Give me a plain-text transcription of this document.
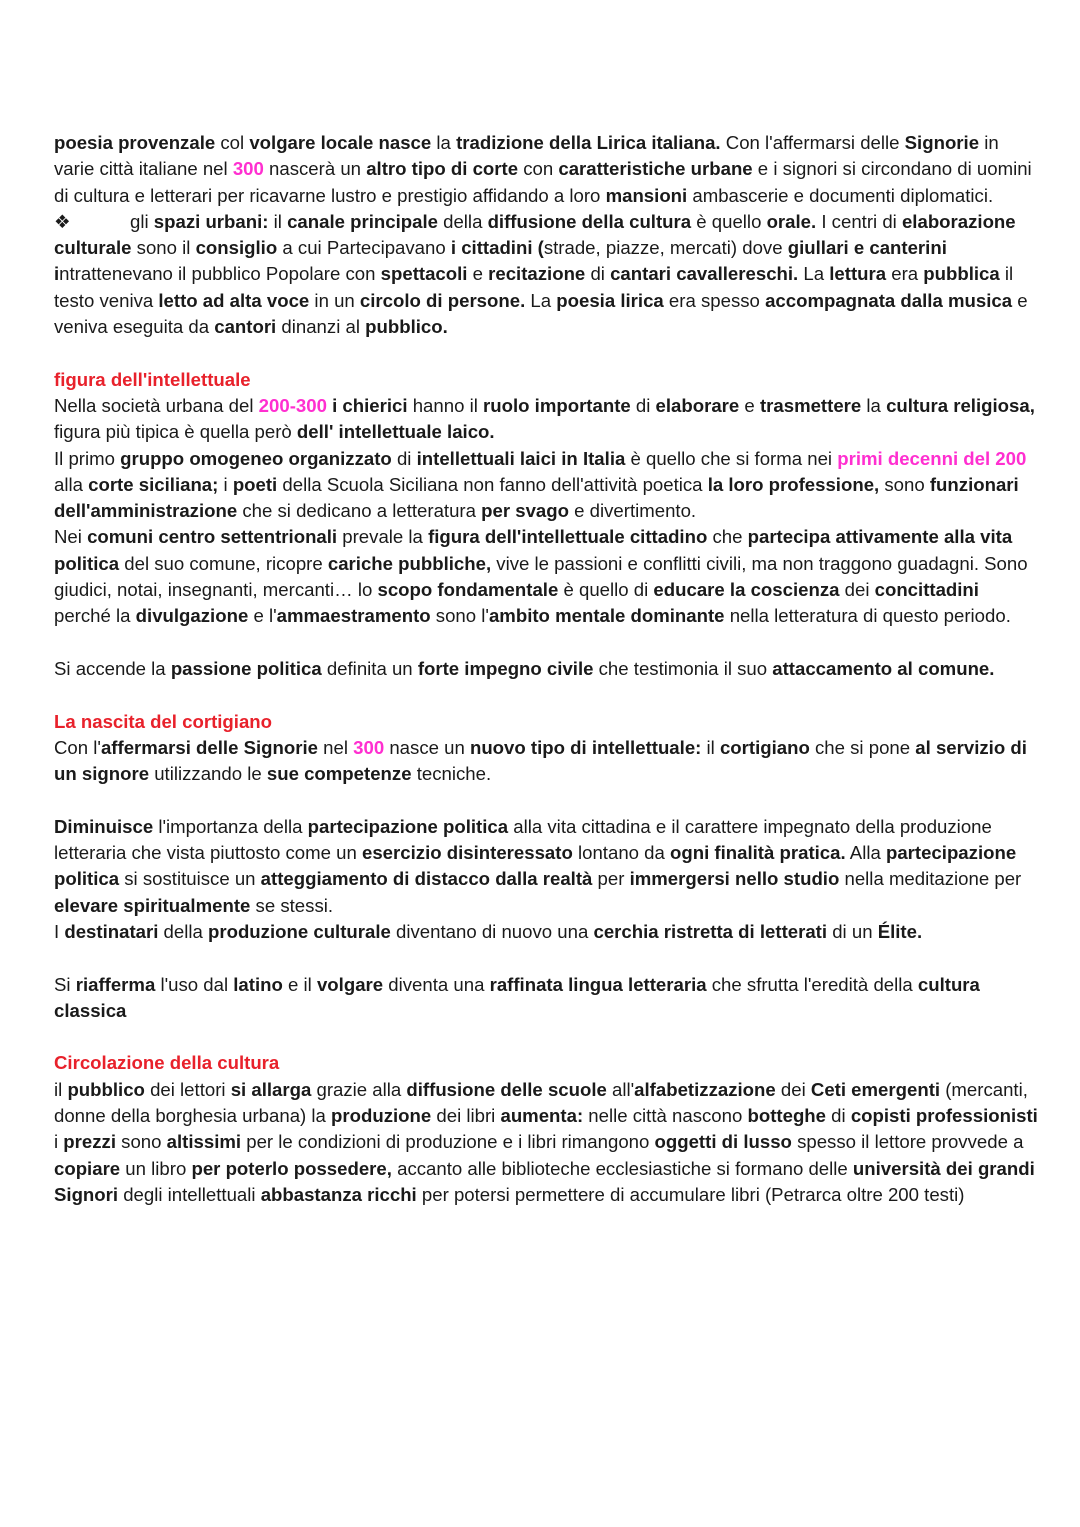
poesia provenzale col volgare locale nasce la tradizione della Lirica italiana. Con l'affermarsi delle Signorie in varie città italiane nel 300 nascerà un altro tipo di corte con caratteristiche urbane e i signori si circondano di uomini di cultura e letterari per ricavarne lustro e prestigio affidando a loro mansioni ambascerie e documenti diplomatici.

❖	gli spazi urbani: il canale principale della diffusione della cultura è quello orale. I centri di elaborazione culturale sono il consiglio a cui Partecipavano i cittadini (strade, piazze, mercati) dove giullari e canterini intrattenevano il pubblico Popolare con spettacoli e recitazione di cantari cavallereschi. La lettura era pubblica il testo veniva letto ad alta voce in un circolo di persone. La poesia lirica era spesso accompagnata dalla musica e veniva eseguita da cantori dinanzi al pubblico.

figura dell'intellettuale

Nella società urbana del 200-300 i chierici hanno il ruolo importante di elaborare e trasmettere la cultura religiosa, figura più tipica è quella però dell' intellettuale laico.

Il primo gruppo omogeneo organizzato di intellettuali laici in Italia è quello che si forma nei primi decenni del 200 alla corte siciliana; i poeti della Scuola Siciliana non fanno dell'attività poetica la loro professione, sono funzionari dell'amministrazione che si dedicano a letteratura per svago e divertimento.

Nei comuni centro settentrionali prevale la figura dell'intellettuale cittadino che partecipa attivamente alla vita politica del suo comune, ricopre cariche pubbliche, vive le passioni e conflitti civili, ma non traggono guadagni. Sono giudici, notai, insegnanti, mercanti… lo scopo fondamentale è quello di educare la coscienza dei concittadini perché la divulgazione e l'ammaestramento sono l'ambito mentale dominante nella letteratura di questo periodo.

Si accende la passione politica definita un forte impegno civile che testimonia il suo attaccamento al comune.

La nascita del cortigiano

Con l'affermarsi delle Signorie nel 300 nasce un nuovo tipo di intellettuale: il cortigiano che si pone al servizio di un signore utilizzando le sue competenze tecniche.

Diminuisce l'importanza della partecipazione politica alla vita cittadina e il carattere impegnato della produzione letteraria che vista piuttosto come un esercizio disinteressato lontano da ogni finalità pratica. Alla partecipazione politica si sostituisce un atteggiamento di distacco dalla realtà per immergersi nello studio nella meditazione per elevare spiritualmente se stessi.

I destinatari della produzione culturale diventano di nuovo una cerchia ristretta di letterati di un Élite.

Si riafferma l'uso dal latino e il volgare diventa una raffinata lingua letteraria che sfrutta l'eredità della cultura classica

Circolazione della cultura

il pubblico dei lettori si allarga grazie alla diffusione delle scuole all'alfabetizzazione dei Ceti emergenti (mercanti, donne della borghesia urbana) la produzione dei libri aumenta: nelle città nascono botteghe di copisti professionisti i prezzi sono altissimi per le condizioni di produzione e i libri rimangono oggetti di lusso spesso il lettore provvede a copiare un libro per poterlo possedere, accanto alle biblioteche ecclesiastiche si formano delle università dei grandi Signori degli intellettuali abbastanza ricchi per potersi permettere di accumulare libri (Petrarca oltre 200 testi)
